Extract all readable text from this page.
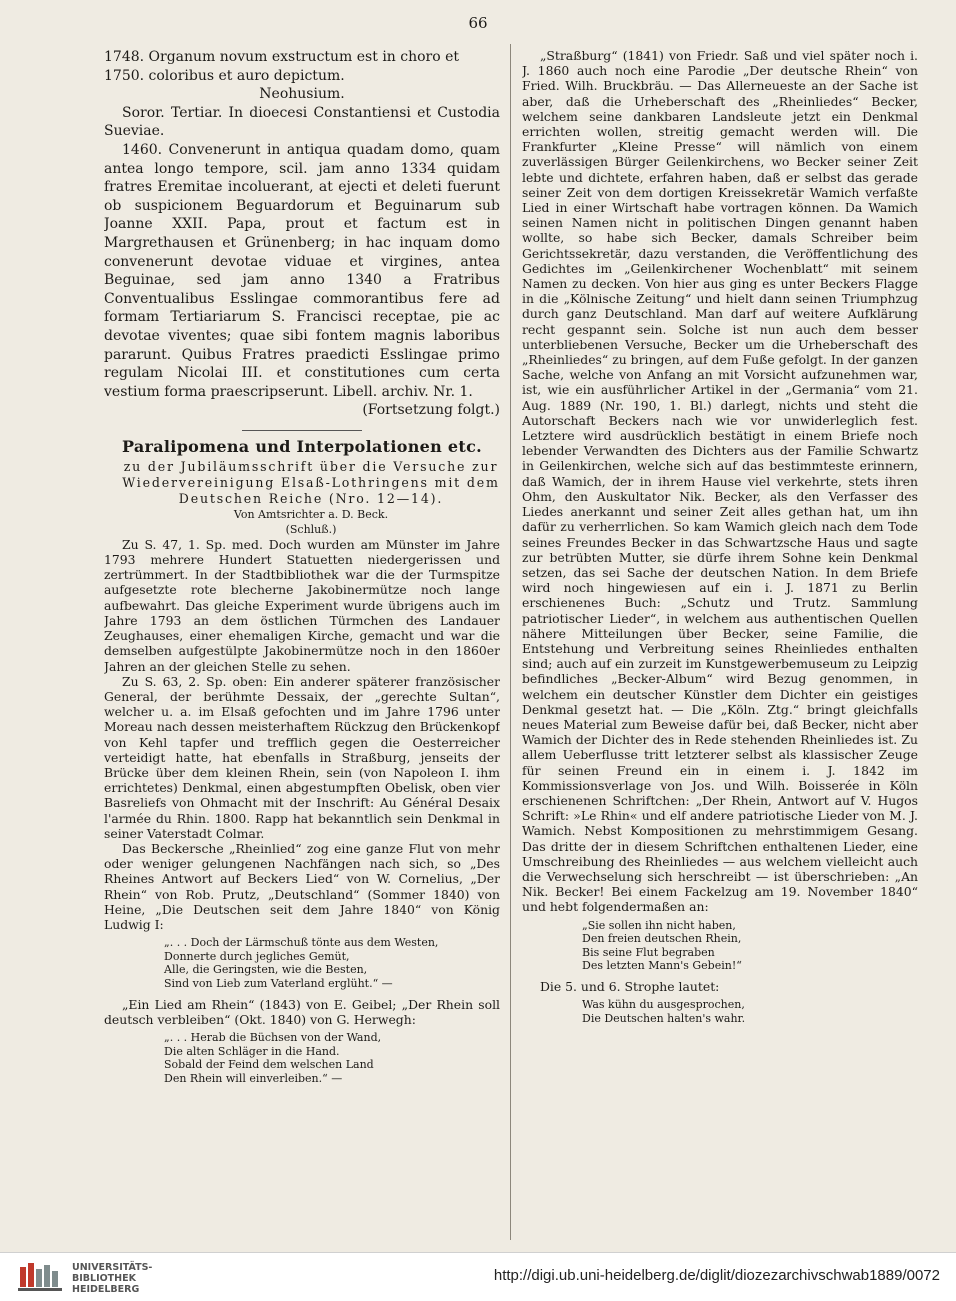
66

1748. Organum novum exstructum est in choro et

1750. coloribus et auro depictum.

Neohusium.

Soror. Tertiar. In dioecesi Constantiensi et Custodia Sueviae.

1460. Convenerunt in antiqua quadam domo, quam antea longo tempore, scil. jam anno 1334 quidam fratres Eremitae incoluerant, at ejecti et deleti fuerunt ob suspicionem Beguardorum et Beguinarum sub Joanne XXII. Papa, prout et factum est in Margrethausen et Grünenberg; in hac inquam domo convenerunt devotae viduae et virgines, antea Beguinae, sed jam anno 1340 a Fratribus Conventualibus Esslingae commorantibus fere ad formam Tertiariarum S. Francisci receptae, pie ac devotae viventes; quae sibi fontem magnis laboribus pararunt. Quibus Fratres praedicti Esslingae primo regulam Nicolai III. et constitutiones cum certa vestium forma praescripserunt. Libell. archiv. Nr. 1.

(Fortsetzung folgt.)
Paralipomena und Interpolationen etc.

zu der Jubiläumsschrift über die Versuche zur

Wiedervereinigung Elsaß-Lothringens mit dem

Deutschen Reiche (Nro. 12—14).

Von Amtsrichter a. D. Beck.

(Schluß.)

Zu S. 47, 1. Sp. med. Doch wurden am Münster im Jahre 1793 mehrere Hundert Statuetten niedergerissen und zertrümmert. In der Stadtbibliothek war die der Turmspitze aufgesetzte rote blecherne Jakobinermütze noch lange aufbewahrt. Das gleiche Experiment wurde übrigens auch im Jahre 1793 an dem östlichen Türmchen des Landauer Zeughauses, einer ehemaligen Kirche, gemacht und war die demselben aufgestülpte Jakobinermütze noch in den 1860er Jahren an der gleichen Stelle zu sehen.

Zu S. 63, 2. Sp. oben: Ein anderer späterer französischer General, der berühmte Dessaix, der „gerechte Sultan“, welcher u. a. im Elsaß gefochten und im Jahre 1796 unter Moreau nach dessen meisterhaftem Rückzug den Brückenkopf von Kehl tapfer und trefflich gegen die Oesterreicher verteidigt hatte, hat ebenfalls in Straßburg, jenseits der Brücke über dem kleinen Rhein, sein (von Napoleon I. ihm errichtetes) Denkmal, einen abgestumpften Obelisk, oben vier Basreliefs von Ohmacht mit der Inschrift: Au Général Desaix l'armée du Rhin. 1800. Rapp hat bekanntlich sein Denkmal in seiner Vaterstadt Colmar.

Das Beckersche „Rheinlied“ zog eine ganze Flut von mehr oder weniger gelungenen Nachfängen nach sich, so „Des Rheines Antwort auf Beckers Lied“ von W. Cornelius, „Der Rhein“ von Rob. Prutz, „Deutschland“ (Sommer 1840) von Heine, „Die Deutschen seit dem Jahre 1840“ von König Ludwig I:

„. . . Doch der Lärmschuß tönte aus dem Westen,
Donnerte durch jegliches Gemüt,
Alle, die Geringsten, wie die Besten,
Sind von Lieb zum Vaterland erglüht.“ —

„Ein Lied am Rhein“ (1843) von E. Geibel; „Der Rhein soll deutsch verbleiben“ (Okt. 1840) von G. Herwegh:

„. . . Herab die Büchsen von der Wand,
Die alten Schläger in die Hand.
Sobald der Feind dem welschen Land
Den Rhein will einverleiben.“ —

„Straßburg“ (1841) von Friedr. Saß und viel später noch i. J. 1860 auch noch eine Parodie „Der deutsche Rhein“ von Fried. Wilh. Bruckbräu. — Das Allerneueste an der Sache ist aber, daß die Urheberschaft des „Rheinliedes“ Becker, welchem seine dankbaren Landsleute jetzt ein Denkmal errichten wollen, streitig gemacht werden will. Die Frankfurter „Kleine Presse“ will nämlich von einem zuverlässigen Bürger Geilenkirchens, wo Becker seiner Zeit lebte und dichtete, erfahren haben, daß er selbst das gerade seiner Zeit von dem dortigen Kreissekretär Wamich verfaßte Lied in einer Wirtschaft habe vortragen können. Da Wamich seinen Namen nicht in politischen Dingen genannt haben wollte, so habe sich Becker, damals Schreiber beim Gerichtssekretär, dazu verstanden, die Veröffentlichung des Gedichtes im „Geilenkirchener Wochenblatt“ mit seinem Namen zu decken. Von hier aus ging es unter Beckers Flagge in die „Kölnische Zeitung“ und hielt dann seinen Triumphzug durch ganz Deutschland. Man darf auf weitere Aufklärung recht gespannt sein. Solche ist nun auch dem besser unterbliebenen Versuche, Becker um die Urheberschaft des „Rheinliedes“ zu bringen, auf dem Fuße gefolgt. In der ganzen Sache, welche von Anfang an mit Vorsicht aufzunehmen war, ist, wie ein ausführlicher Artikel in der „Germania“ vom 21. Aug. 1889 (Nr. 190, 1. Bl.) darlegt, nichts und steht die Autorschaft Beckers nach wie vor unwiderleglich fest. Letztere wird ausdrücklich bestätigt in einem Briefe noch lebender Verwandten des Dichters aus der Familie Schwartz in Geilenkirchen, welche sich auf das bestimmteste erinnern, daß Wamich, der in ihrem Hause viel verkehrte, stets ihren Ohm, den Auskultator Nik. Becker, als den Verfasser des Liedes anerkannt und seiner Zeit alles gethan hat, um ihn dafür zu verherrlichen. So kam Wamich gleich nach dem Tode seines Freundes Becker in das Schwartzsche Haus und sagte zur betrübten Mutter, sie dürfe ihrem Sohne kein Denkmal setzen, das sei Sache der deutschen Nation. In dem Briefe wird noch hingewiesen auf ein i. J. 1871 zu Berlin erschienenes Buch: „Schutz und Trutz. Sammlung patriotischer Lieder“, in welchem aus authentischen Quellen nähere Mitteilungen über Becker, seine Familie, die Entstehung und Verbreitung seines Rheinliedes enthalten sind; auch auf ein zurzeit im Kunstgewerbemuseum zu Leipzig befindliches „Becker-Album“ wird Bezug genommen, in welchem ein deutscher Künstler dem Dichter ein geistiges Denkmal gesetzt hat. — Die „Köln. Ztg.“ bringt gleichfalls neues Material zum Beweise dafür bei, daß Becker, nicht aber Wamich der Dichter des in Rede stehenden Rheinliedes ist. Zu allem Ueberflusse tritt letzterer selbst als klassischer Zeuge für seinen Freund ein in einem i. J. 1842 im Kommissionsverlage von Jos. und Wilh. Boisserée in Köln erschienenen Schriftchen: „Der Rhein, Antwort auf V. Hugos Schrift: »Le Rhin« und elf andere patriotische Lieder von M. J. Wamich. Nebst Kompositionen zu mehrstimmigem Gesang. Das dritte der in diesem Schriftchen enthaltenen Lieder, eine Umschreibung des Rheinliedes — aus welchem vielleicht auch die Verwechselung sich herschreibt — ist überschrieben: „An Nik. Becker! Bei einem Fackelzug am 19. November 1840“ und hebt folgendermaßen an:

„Sie sollen ihn nicht haben,
Den freien deutschen Rhein,
Bis seine Flut begraben
Des letzten Mann's Gebein!“

Die 5. und 6. Strophe lautet:

Was kühn du ausgesprochen,
Die Deutschen halten's wahr.
UNIVERSITÄTS-
BIBLIOTHEK
HEIDELBERG
http://digi.ub.uni-heidelberg.de/diglit/diozezarchivschwab1889/0072
